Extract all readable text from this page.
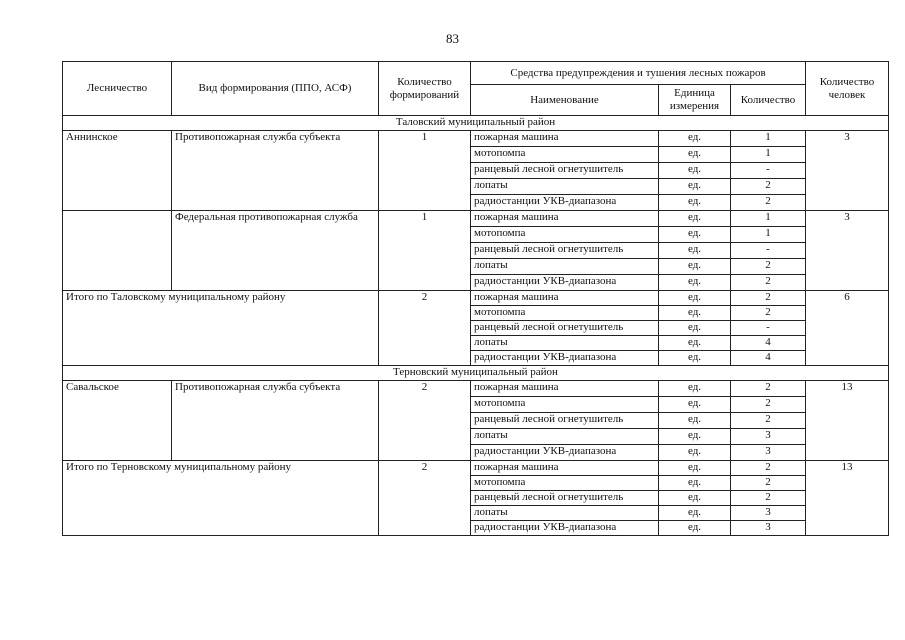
83
Лесничество	Вид формирования (ППО, АСФ)	Количество формирований	Средства предупреждения и тушения лесных пожаров			Количество человек
			Наименование	Единица измерения	Количество	
Таловский муниципальный район						
Аннинское	Противопожарная служба субъекта	1	пожарная машина	ед.	1	3
			мотопомпа	ед.	1	
			ранцевый лесной огнетушитель	ед.	-	
			лопаты	ед.	2	
			радиостанции УКВ-диапазона	ед.	2	
	Федеральная противопожарная служба	1	пожарная машина	ед.	1	3
			мотопомпа	ед.	1	
			ранцевый лесной огнетушитель	ед.	-	
			лопаты	ед.	2	
			радиостанции УКВ-диапазона	ед.	2	
Итого по Таловскому муниципальному району		2	пожарная машина	ед.	2	6
			мотопомпа	ед.	2	
			ранцевый лесной огнетушитель	ед.	-	
			лопаты	ед.	4	
			радиостанции УКВ-диапазона	ед.	4	
Терновский муниципальный район						
Савальское	Противопожарная служба субъекта	2	пожарная машина	ед.	2	13
			мотопомпа	ед.	2	
			ранцевый лесной огнетушитель	ед.	2	
			лопаты	ед.	3	
			радиостанции УКВ-диапазона	ед.	3	
Итого по Терновскому муниципальному району		2	пожарная машина	ед.	2	13
			мотопомпа	ед.	2	
			ранцевый лесной огнетушитель	ед.	2	
			лопаты	ед.	3	
			радиостанции УКВ-диапазона	ед.	3	
